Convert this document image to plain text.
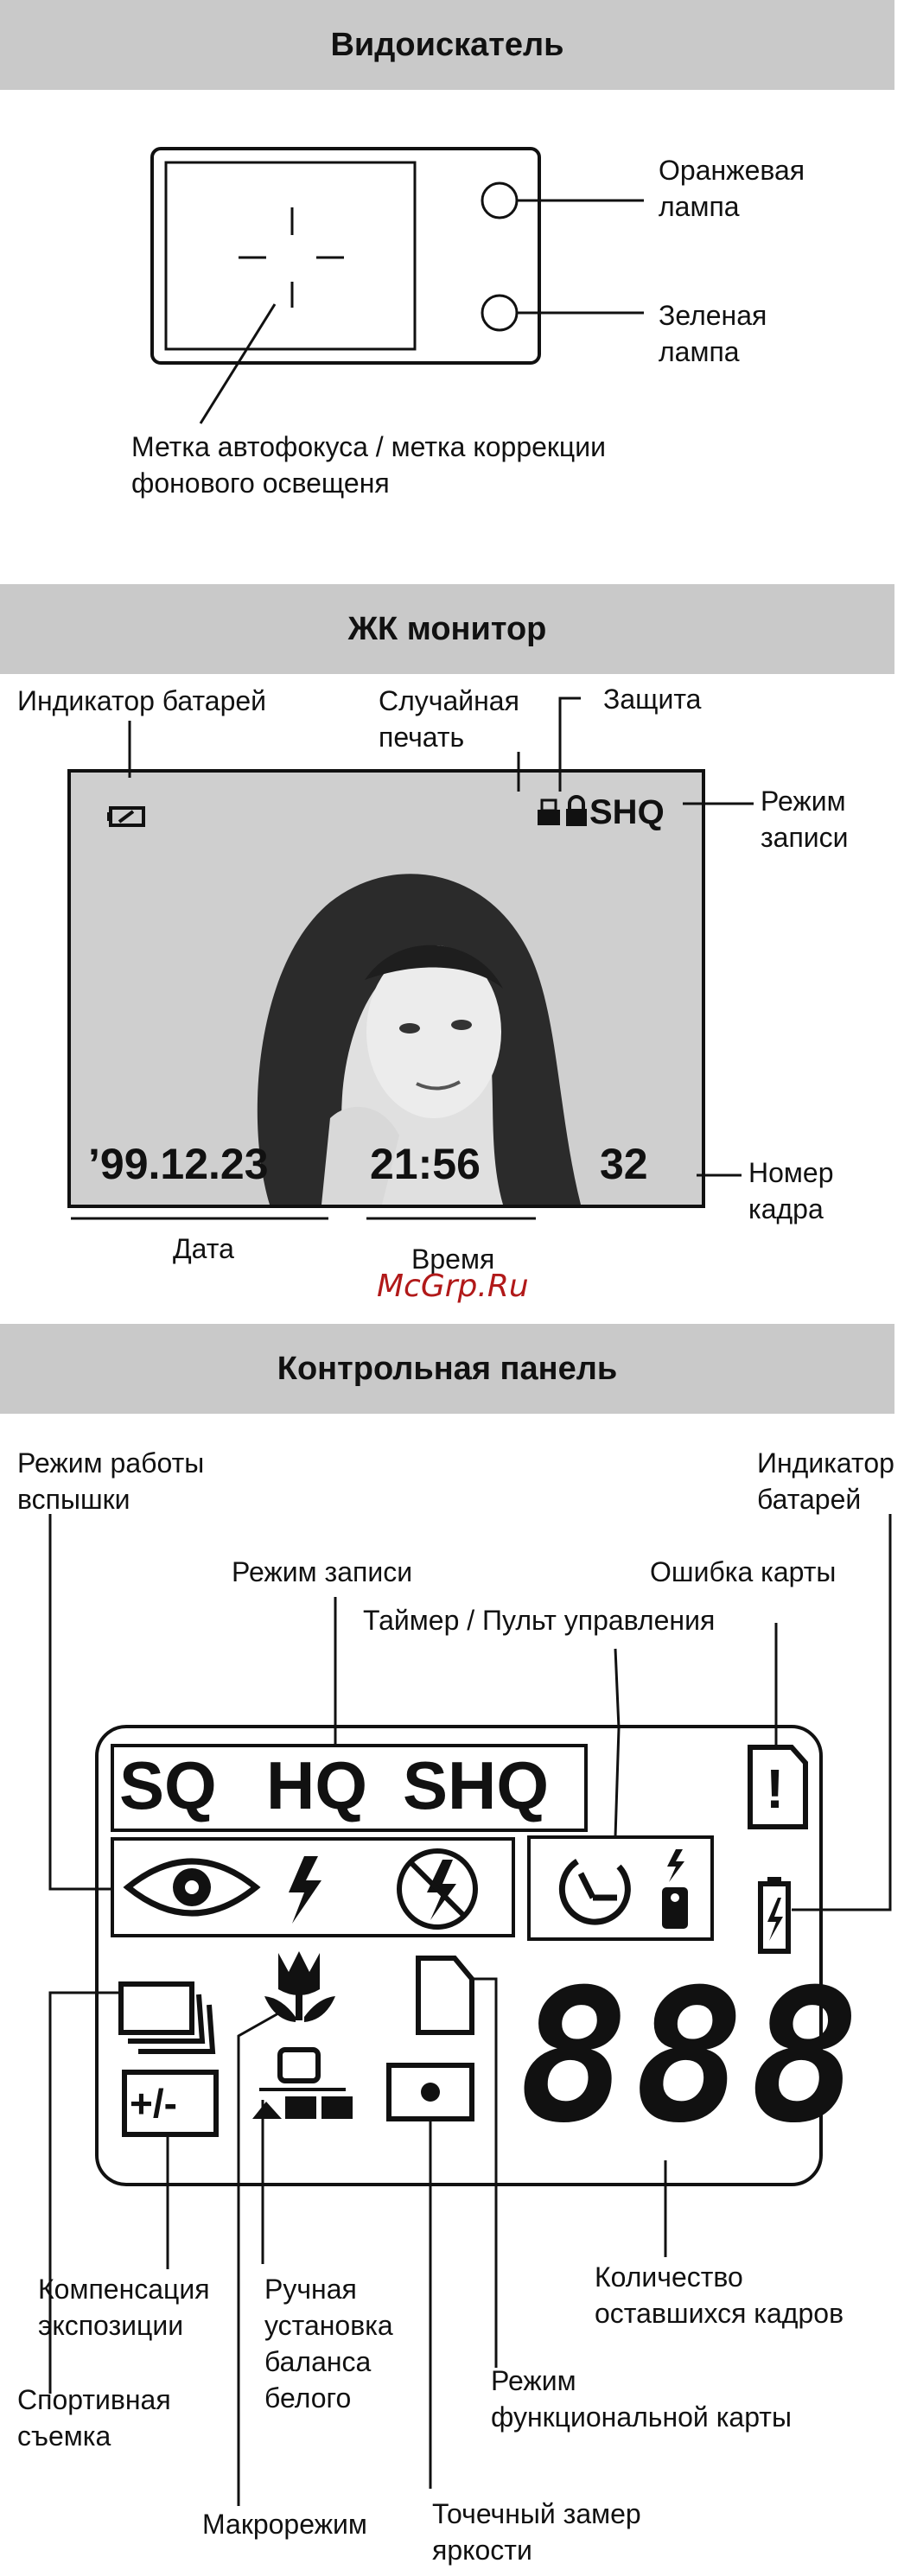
Видоискатель
Оранжевая
лампа
Зеленая
лампа
Метка автофокуса / метка коррекции
фонового освещеня
ЖК монитор
Индикатор батарей	Случайная
печать
Защита
Режим
записи
Номер
кадра
Дата	Время
SHQ
’99.12.23 21:56	32
McGrp.Ru
Контрольная панель
Режим работы
вспышки
Индикатор
батарей
Режим записи	Ошибка карты
Таймер / Пульт управления
SQ HQ SHQ	!
+/- 888
Компенсация
экспозиции
Ручная
установка
баланса
белого
Количество
оставшихся кадров
Спортивная
съемка
Режим
функциональной карты
Макрорежим Точечный замер
яркости
